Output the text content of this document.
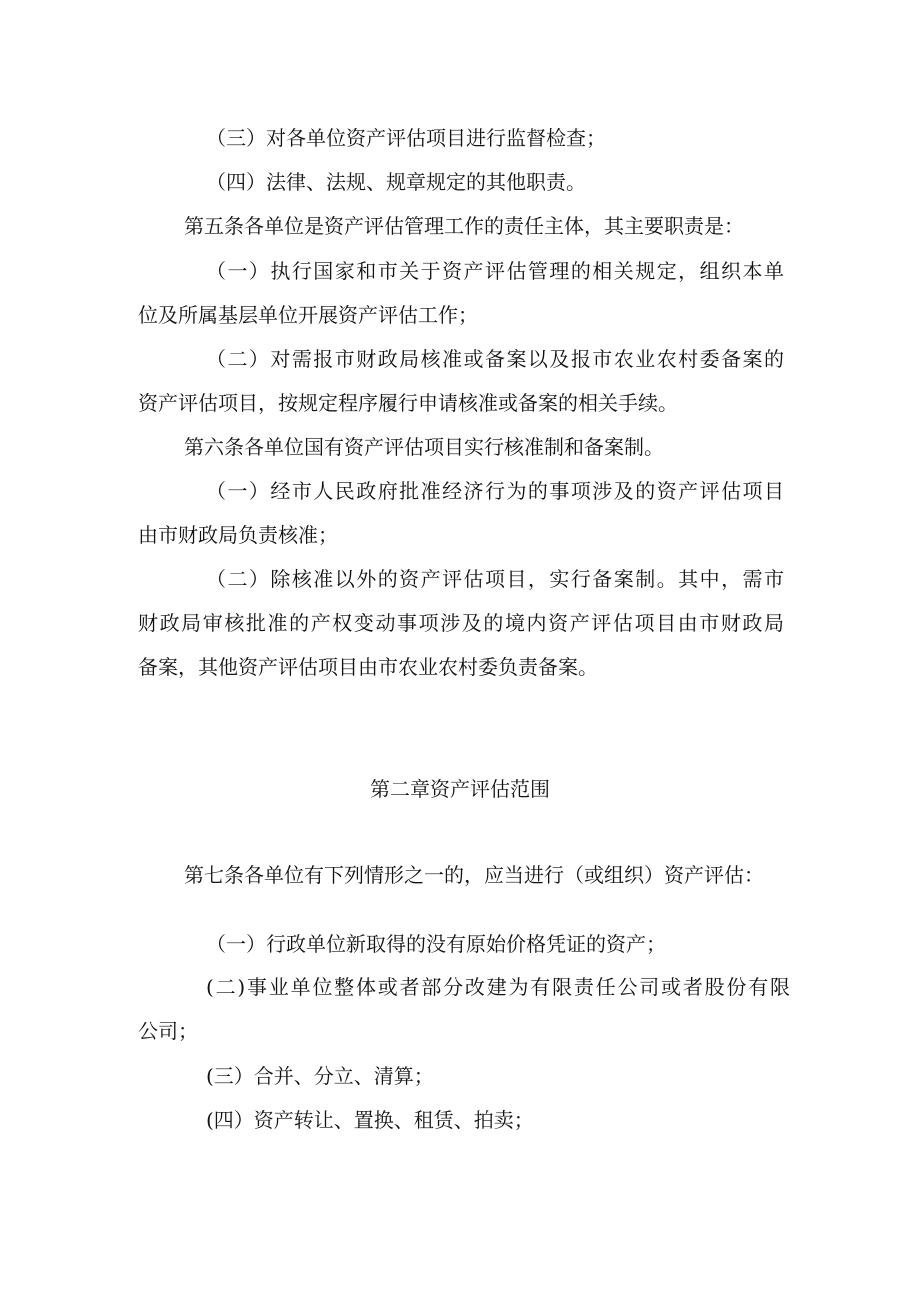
（三）对各单位资产评估项目进行监督检查；
（四）法律、法规、规章规定的其他职责。
第五条各单位是资产评估管理工作的责任主体，其主要职责是：
（一）执行国家和市关于资产评估管理的相关规定，组织本单
位及所属基层单位开展资产评估工作；
（二）对需报市财政局核准或备案以及报市农业农村委备案的
资产评估项目，按规定程序履行申请核准或备案的相关手续。
第六条各单位国有资产评估项目实行核准制和备案制。
（一）经市人民政府批准经济行为的事项涉及的资产评估项目
由市财政局负责核准；
（二）除核准以外的资产评估项目，实行备案制。其中，需市
财政局审核批准的产权变动事项涉及的境内资产评估项目由市财政局
备案，其他资产评估项目由市农业农村委负责备案。
第二章资产评估范围
第七条各单位有下列情形之一的，应当进行（或组织）资产评估：
（一）行政单位新取得的没有原始价格凭证的资产；
(二)事业单位整体或者部分改建为有限责任公司或者股份有限
公司；
(三）合并、分立、清算；
(四）资产转让、置换、租赁、拍卖；
